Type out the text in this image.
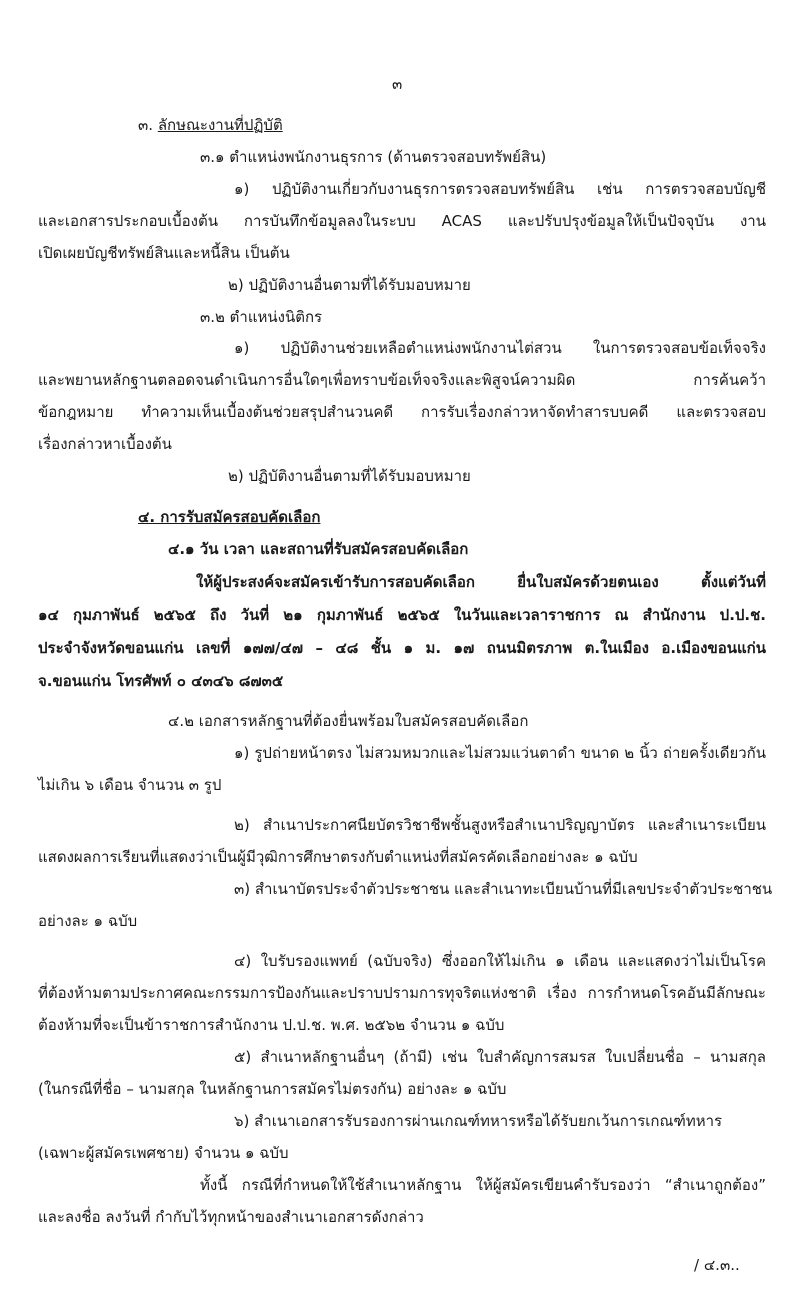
๓
๓. ลักษณะงานที่ปฏิบัติ
๓.๑ ตำแหน่งพนักงานธุรการ (ด้านตรวจสอบทรัพย์สิน)
๑) ปฏิบัติงานเกี่ยวกับงานธุรการตรวจสอบทรัพย์สิน เช่น การตรวจสอบบัญชี
และเอกสารประกอบเบื้องต้น การบันทึกข้อมูลลงในระบบ ACAS และปรับปรุงข้อมูลให้เป็นปัจจุบัน งาน
เปิดเผยบัญชีทรัพย์สินและหนี้สิน เป็นต้น
๒) ปฏิบัติงานอื่นตามที่ได้รับมอบหมาย
๓.๒ ตำแหน่งนิติกร
๑) ปฏิบัติงานช่วยเหลือตำแหน่งพนักงานไต่สวน ในการตรวจสอบข้อเท็จจริง
และพยานหลักฐานตลอดจนดำเนินการอื่นใดๆเพื่อทราบข้อเท็จจริงและพิสูจน์ความผิด การค้นคว้า
ข้อกฎหมาย ทำความเห็นเบื้องต้นช่วยสรุปสำนวนคดี การรับเรื่องกล่าวหาจัดทำสารบบคดี และตรวจสอบ
เรื่องกล่าวหาเบื้องต้น
๒) ปฏิบัติงานอื่นตามที่ได้รับมอบหมาย
๔. การรับสมัครสอบคัดเลือก
๔.๑ วัน เวลา และสถานที่รับสมัครสอบคัดเลือก
ให้ผู้ประสงค์จะสมัครเข้ารับการสอบคัดเลือก ยื่นใบสมัครด้วยตนเอง ตั้งแต่วันที่
๑๔ กุมภาพันธ์ ๒๕๖๕ ถึง วันที่ ๒๑ กุมภาพันธ์ ๒๕๖๕ ในวันและเวลาราชการ ณ สำนักงาน ป.ป.ช.
ประจำจังหวัดขอนแก่น เลขที่ ๑๗๗/๔๗ – ๔๘ ชั้น ๑ ม. ๑๗ ถนนมิตรภาพ ต.ในเมือง อ.เมืองขอนแก่น
จ.ขอนแก่น โทรศัพท์ ๐ ๔๓๔๖ ๘๗๓๕
๔.๒ เอกสารหลักฐานที่ต้องยื่นพร้อมใบสมัครสอบคัดเลือก
๑) รูปถ่ายหน้าตรง ไม่สวมหมวกและไม่สวมแว่นตาดำ ขนาด ๒ นิ้ว ถ่ายครั้งเดียวกัน
ไม่เกิน ๖ เดือน จำนวน ๓ รูป
๒) สำเนาประกาศนียบัตรวิชาชีพชั้นสูงหรือสำเนาปริญญาบัตร และสำเนาระเบียน
แสดงผลการเรียนที่แสดงว่าเป็นผู้มีวุฒิการศึกษาตรงกับตำแหน่งที่สมัครคัดเลือกอย่างละ ๑ ฉบับ
๓) สำเนาบัตรประจำตัวประชาชน และสำเนาทะเบียนบ้านที่มีเลขประจำตัวประชาชน
อย่างละ ๑ ฉบับ
๔) ใบรับรองแพทย์ (ฉบับจริง) ซึ่งออกให้ไม่เกิน ๑ เดือน และแสดงว่าไม่เป็นโรค
ที่ต้องห้ามตามประกาศคณะกรรมการป้องกันและปราบปรามการทุจริตแห่งชาติ เรื่อง การกำหนดโรคอันมีลักษณะ
ต้องห้ามที่จะเป็นข้าราชการสำนักงาน ป.ป.ช. พ.ศ. ๒๕๖๒ จำนวน ๑ ฉบับ
๕) สำเนาหลักฐานอื่นๆ (ถ้ามี) เช่น ใบสำคัญการสมรส ใบเปลี่ยนชื่อ – นามสกุล
(ในกรณีที่ชื่อ – นามสกุล ในหลักฐานการสมัครไม่ตรงกัน) อย่างละ ๑ ฉบับ
๖) สำเนาเอกสารรับรองการผ่านเกณฑ์ทหารหรือได้รับยกเว้นการเกณฑ์ทหาร
(เฉพาะผู้สมัครเพศชาย) จำนวน ๑ ฉบับ
ทั้งนี้ กรณีที่กำหนดให้ใช้สำเนาหลักฐาน ให้ผู้สมัครเขียนคำรับรองว่า “สำเนาถูกต้อง”
และลงชื่อ ลงวันที่ กำกับไว้ทุกหน้าของสำเนาเอกสารดังกล่าว
/ ๔.๓..
